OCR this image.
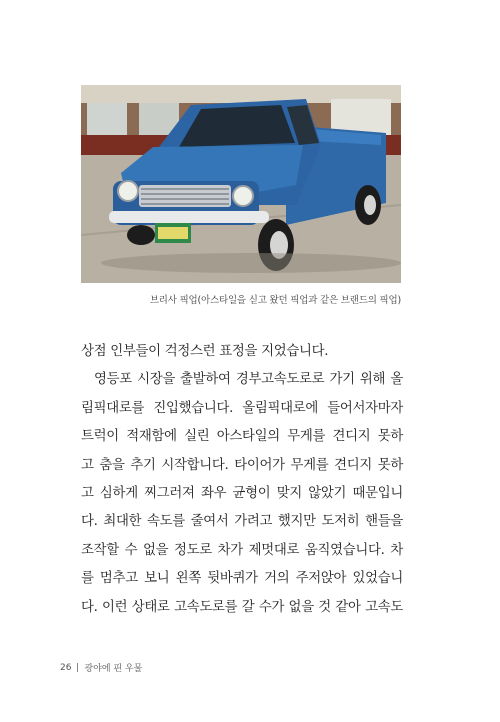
브리사 픽업(아스타일을 싣고 왔던 픽업과 같은 브랜드의 픽업)
상점 인부들이 걱정스런 표정을 지었습니다.
영등포 시장을 출발하여 경부고속도로로 가기 위해 올
림픽대로를 진입했습니다. 올림픽대로에 들어서자마자
트럭이 적재함에 실린 아스타일의 무게를 견디지 못하
고 춤을 추기 시작합니다. 타이어가 무게를 견디지 못하
고 심하게 찌그러져 좌우 균형이 맞지 않았기 때문입니
다. 최대한 속도를 줄여서 가려고 했지만 도저히 핸들을
조작할 수 없을 정도로 차가 제멋대로 움직였습니다. 차
를 멈추고 보니 왼쪽 뒷바퀴가 거의 주저앉아 있었습니
다. 이런 상태로 고속도로를 갈 수가 없을 것 같아 고속도
26 광야에 핀 우물
